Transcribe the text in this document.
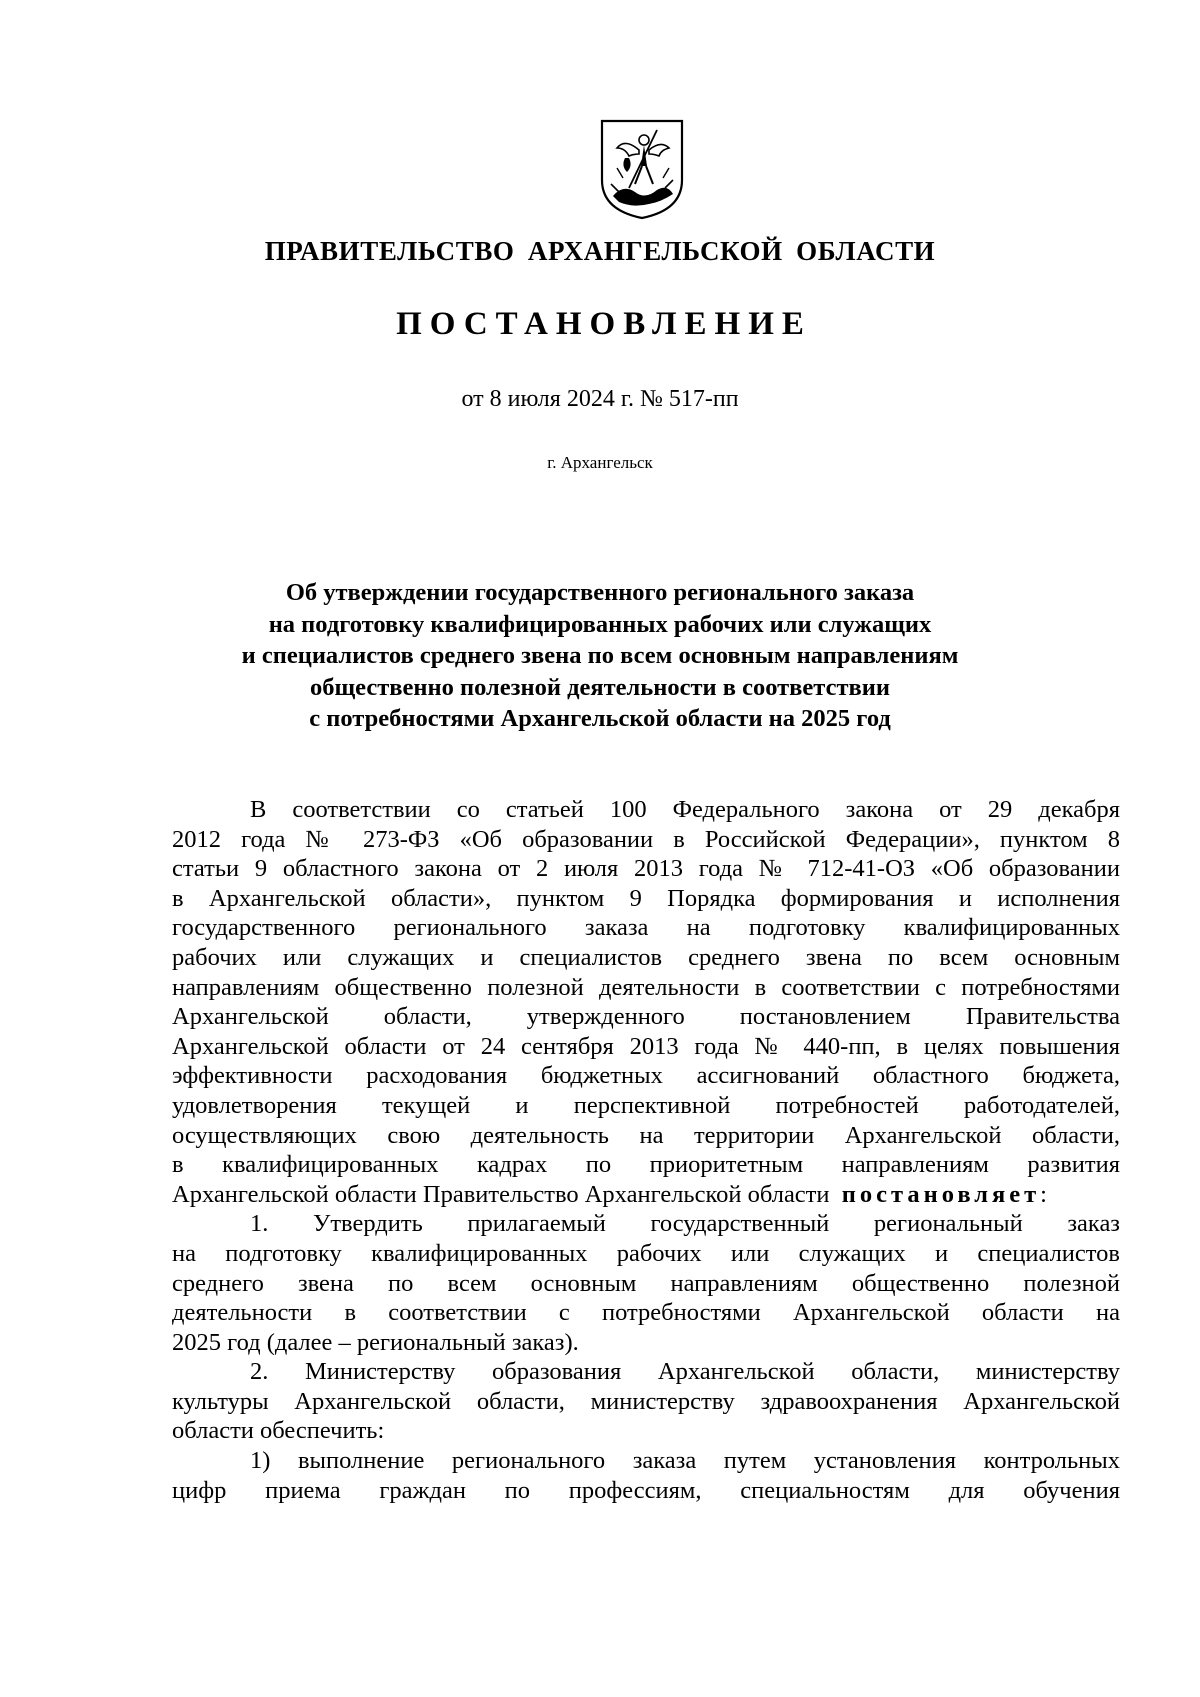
ПРАВИТЕЛЬСТВО АРХАНГЕЛЬСКОЙ ОБЛАСТИ
ПОСТАНОВЛЕНИЕ
от 8 июля 2024 г. № 517-пп
г. Архангельск
Об утверждении государственного регионального заказа
на подготовку квалифицированных рабочих или служащих
и специалистов среднего звена по всем основным направлениям
общественно полезной деятельности в соответствии
с потребностями Архангельской области на 2025 год
В соответствии со статьей 100 Федерального закона от 29 декабря
2012 года № 273-ФЗ «Об образовании в Российской Федерации», пунктом 8
статьи 9 областного закона от 2 июля 2013 года № 712-41-ОЗ «Об образовании
в Архангельской области», пунктом 9 Порядка формирования и исполнения
государственного регионального заказа на подготовку квалифицированных
рабочих или служащих и специалистов среднего звена по всем основным
направлениям общественно полезной деятельности в соответствии с потребностями
Архангельской области, утвержденного постановлением Правительства
Архангельской области от 24 сентября 2013 года № 440-пп, в целях повышения
эффективности расходования бюджетных ассигнований областного бюджета,
удовлетворения текущей и перспективной потребностей работодателей,
осуществляющих свою деятельность на территории Архангельской области,
в квалифицированных кадрах по приоритетным направлениям развития
Архангельской области Правительство Архангельской области постановляет:
1. Утвердить прилагаемый государственный региональный заказ
на подготовку квалифицированных рабочих или служащих и специалистов
среднего звена по всем основным направлениям общественно полезной
деятельности в соответствии с потребностями Архангельской области на
2025 год (далее – региональный заказ).
2. Министерству образования Архангельской области, министерству
культуры Архангельской области, министерству здравоохранения Архангельской
области обеспечить:
1) выполнение регионального заказа путем установления контрольных
цифр приема граждан по профессиям, специальностям для обучения
